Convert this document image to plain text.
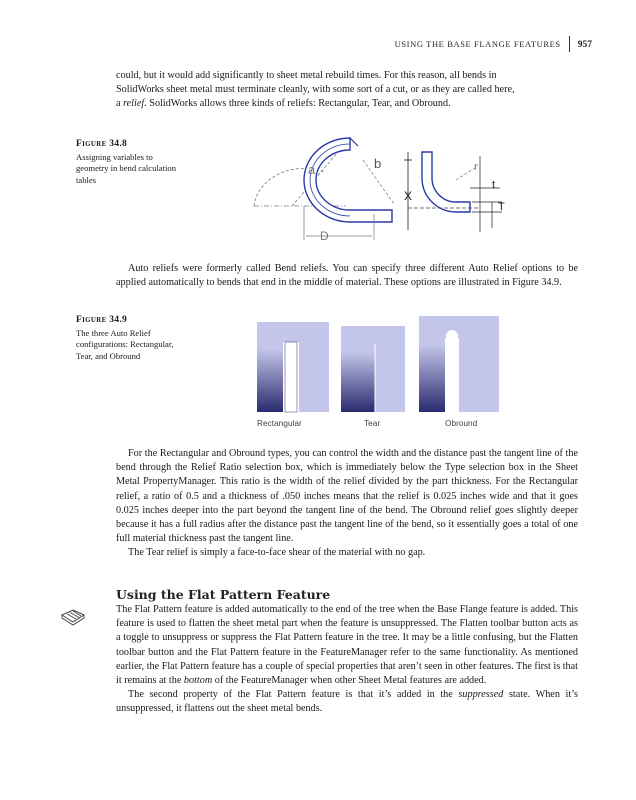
USING THE BASE FLANGE FEATURES 957

could, but it would add significantly to sheet metal rebuild times. For this reason, all bends in

SolidWorks sheet metal must terminate cleanly, with some sort of a cut, or as they are called here,

a relief. SolidWorks allows three kinds of reliefs: Rectangular, Tear, and Obround.

Figure 34.8
Assigning variables to geometry in bend calculation tables
b
a
D
X
r
t
T

Auto reliefs were formerly called Bend reliefs. You can specify three different Auto Relief options to be applied automatically to bends that end in the middle of material. These options are illustrated in Figure 34.9.

Figure 34.9
The three Auto Relief configurations: Rectangular, Tear, and Obround
Rectangular	Tear	Obround

For the Rectangular and Obround types, you can control the width and the distance past the tangent line of the bend through the Relief Ratio selection box, which is immediately below the Type selection box in the Sheet Metal PropertyManager. This ratio is the width of the relief divided by the part thickness. For the Rectangular relief, a ratio of 0.5 and a thickness of .050 inches means that the relief is 0.025 inches wide and that it goes 0.025 inches deeper into the part beyond the tangent line of the bend. The Obround relief goes slightly deeper because it has a full radius after the distance past the tangent line of the bend, so it essentially goes a total of one full material thickness past the tangent line.

The Tear relief is simply a face-to-face shear of the material with no gap.

Using the Flat Pattern Feature

The Flat Pattern feature is added automatically to the end of the tree when the Base Flange feature is added. This feature is used to flatten the sheet metal part when the feature is unsuppressed. The Flatten toolbar button acts as a toggle to unsuppress or suppress the Flat Pattern feature in the tree. It may be a little confusing, but the Flatten toolbar button and the Flat Pattern feature in the FeatureManager refer to the same functionality. As mentioned earlier, the Flat Pattern feature has a couple of special properties that aren’t seen in other features. The first is that it remains at the bottom of the FeatureManager when other Sheet Metal features are added.

The second property of the Flat Pattern feature is that it’s added in the suppressed state. When it’s unsuppressed, it flattens out the sheet metal bends.
